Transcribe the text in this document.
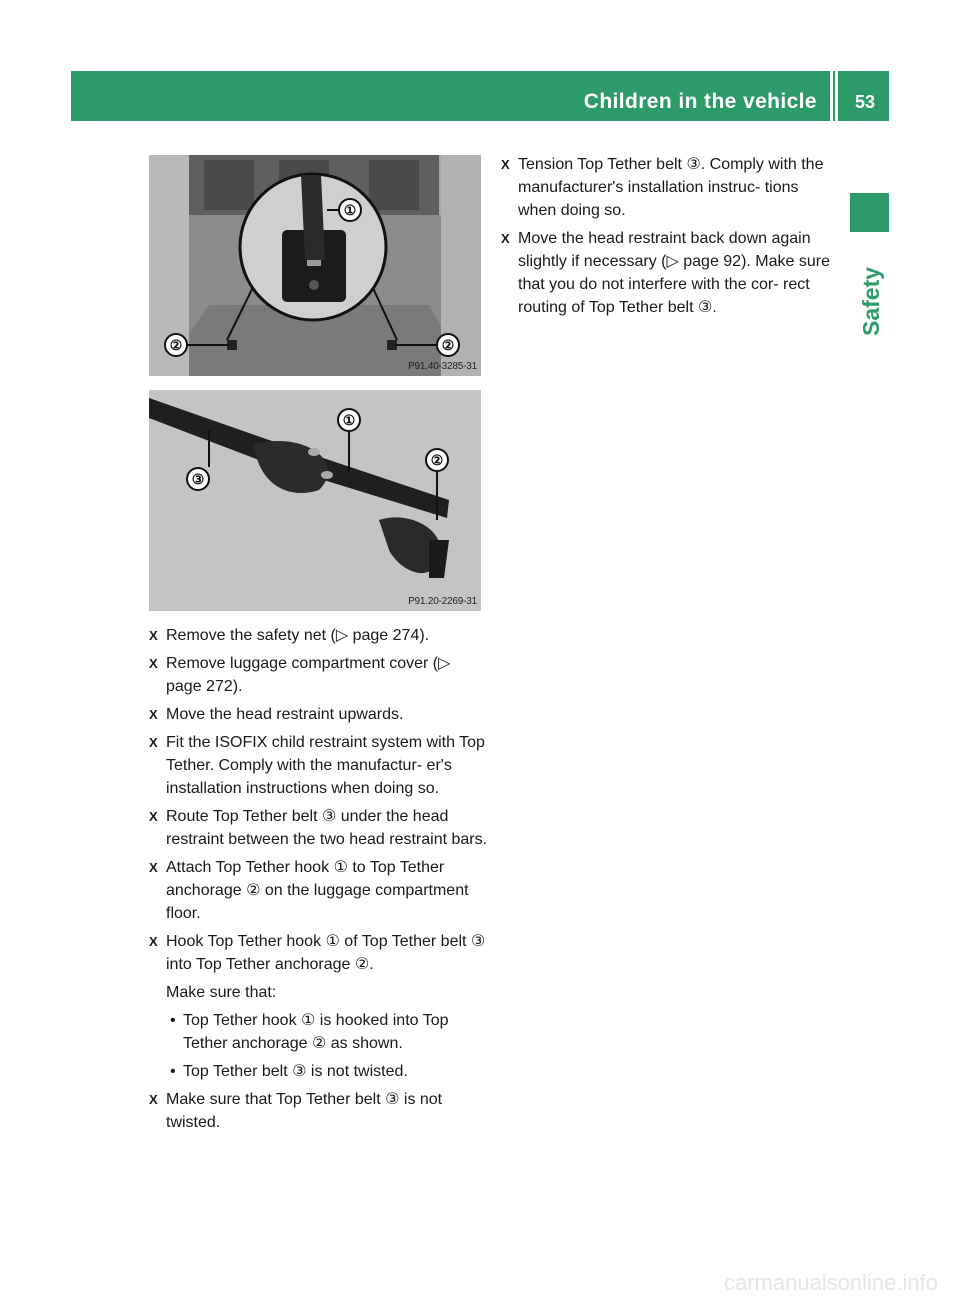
Children in the vehicle 53
Safety
①
②	②
P91.40-3285-31
①
②
③
P91.20-2269-31
X Remove the safety net (▷ page 274).
X Remove luggage compartment cover (▷ page 272).
X Move the head restraint upwards.
X Fit the ISOFIX child restraint system with Top Tether. Comply with the manufactur- er's installation instructions when doing so.
X Route Top Tether belt ③ under the head restraint between the two head restraint bars.
X Attach Top Tether hook ① to Top Tether anchorage ② on the luggage compartment floor.
X Hook Top Tether hook ① of Top Tether belt ③ into Top Tether anchorage ②.
Make sure that:
• Top Tether hook ① is hooked into Top Tether anchorage ② as shown.
• Top Tether belt ③ is not twisted.
X Make sure that Top Tether belt ③ is not twisted.
X Tension Top Tether belt ③. Comply with the manufacturer's installation instruc- tions when doing so.
X Move the head restraint back down again slightly if necessary (▷ page 92). Make sure that you do not interfere with the cor- rect routing of Top Tether belt ③.
carmanualsonline.info
